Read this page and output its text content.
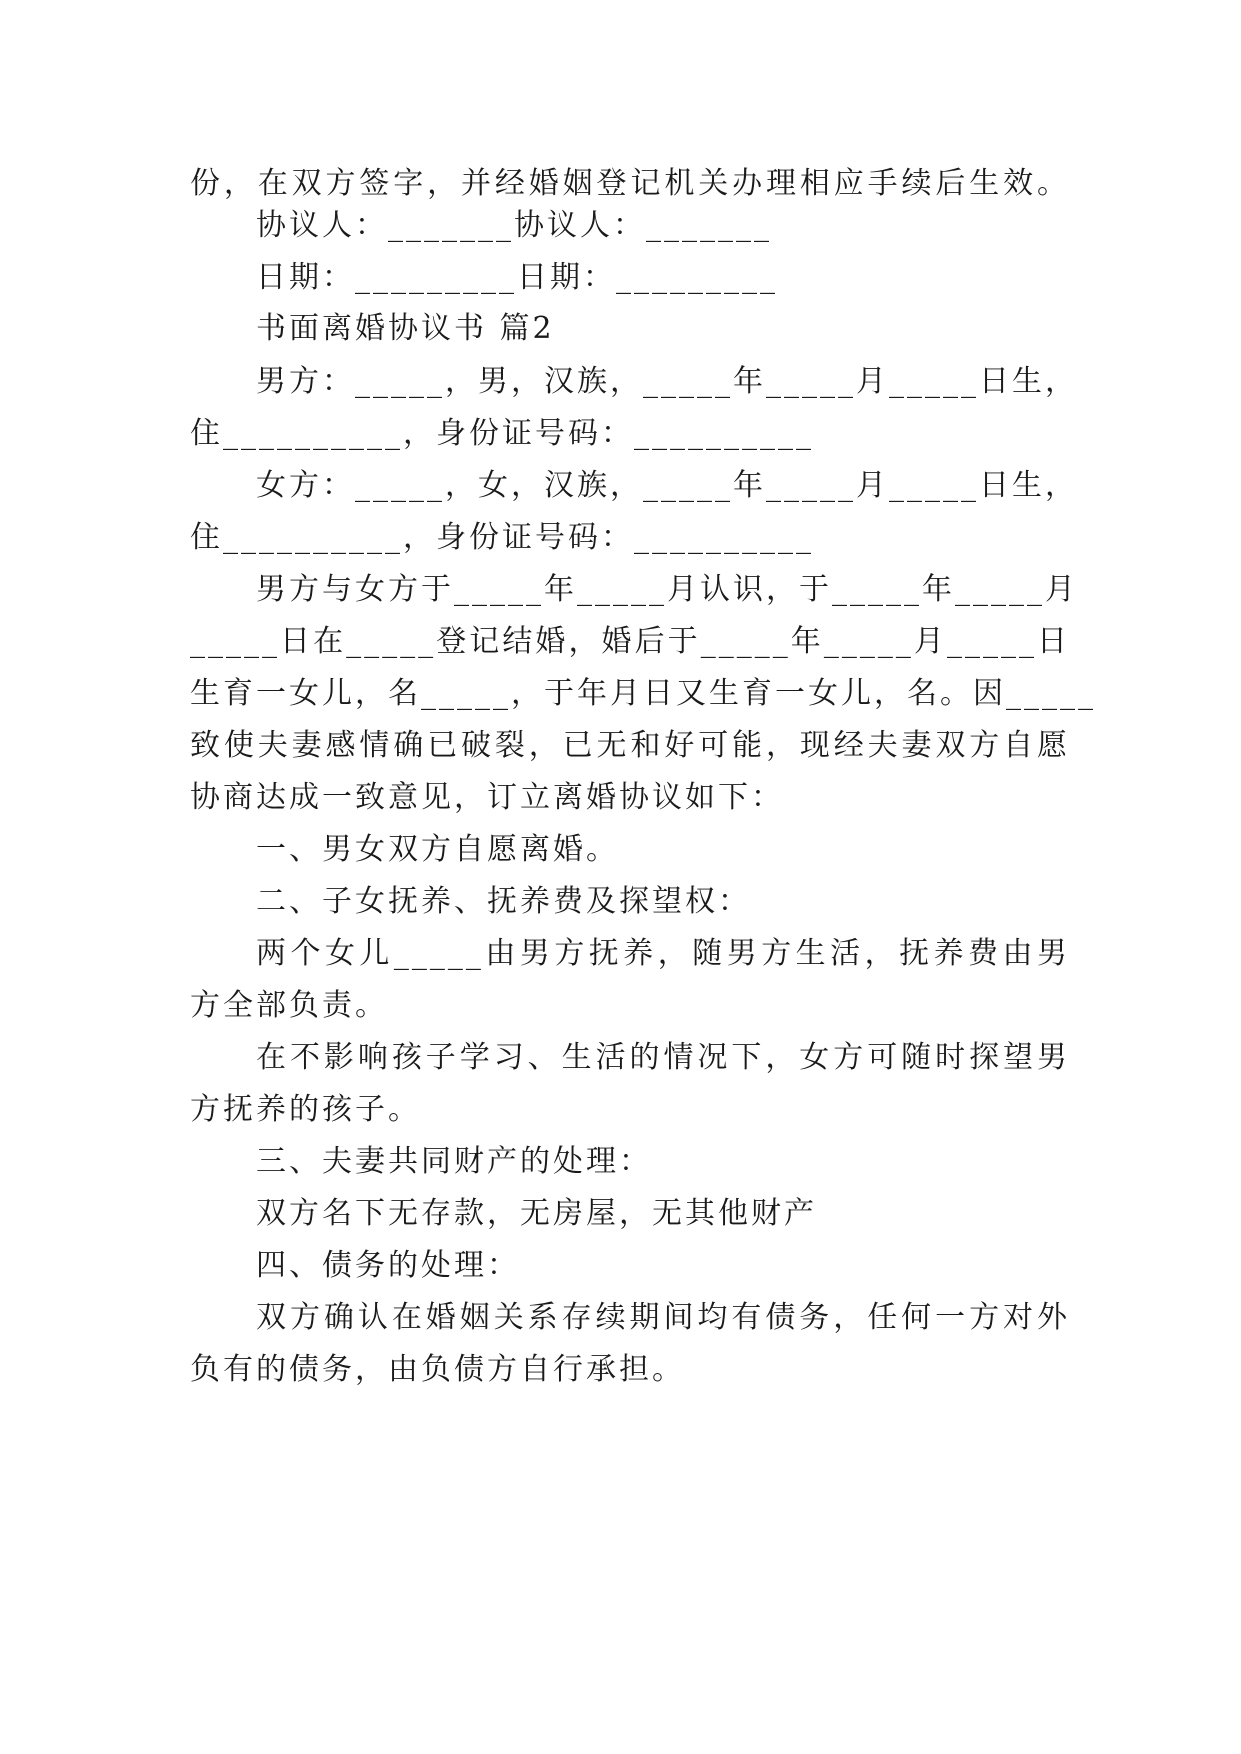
份，在双方签字，并经婚姻登记机关办理相应手续后生效。
协议人：_______协议人：_______
日期：_________日期：_________
书面离婚协议书 篇2
男方：_____，男，汉族，_____年_____月_____日生，
住__________，身份证号码：__________
女方：_____，女，汉族，_____年_____月_____日生，
住__________，身份证号码：__________
男方与女方于_____年_____月认识，于_____年_____月
_____日在_____登记结婚，婚后于_____年_____月_____日
生育一女儿，名_____，于年月日又生育一女儿，名。因_____
致使夫妻感情确已破裂，已无和好可能，现经夫妻双方自愿
协商达成一致意见，订立离婚协议如下：
一、男女双方自愿离婚。
二、子女抚养、抚养费及探望权：
两个女儿_____由男方抚养，随男方生活，抚养费由男
方全部负责。
在不影响孩子学习、生活的情况下，女方可随时探望男
方抚养的孩子。
三、夫妻共同财产的处理：
双方名下无存款，无房屋，无其他财产
四、债务的处理：
双方确认在婚姻关系存续期间均有债务，任何一方对外
负有的债务，由负债方自行承担。
